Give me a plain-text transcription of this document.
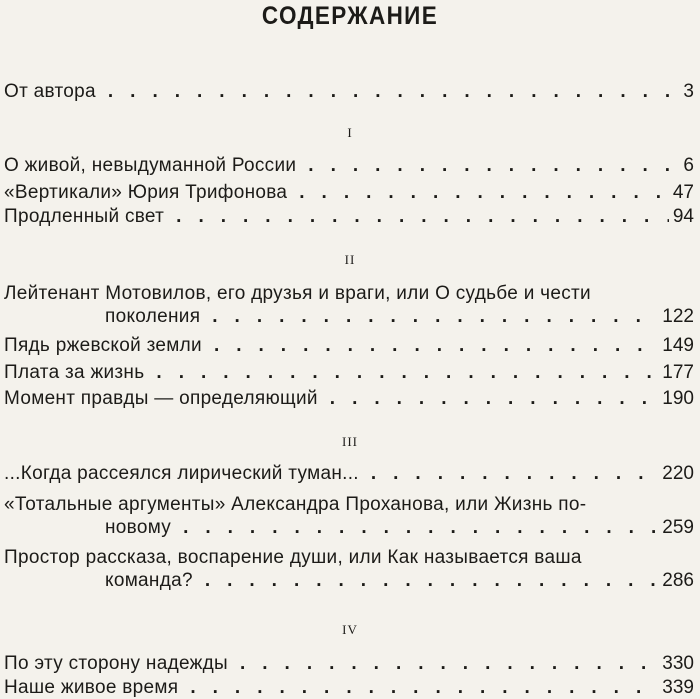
СОДЕРЖАНИЕ
От автора .....	3
I
О живой, невыдуманной России .....	6
«Вертикали» Юрия Трифонова .....	47
Продленный свет .....	94
II
Лейтенант Мотовилов, его друзья и враги, или О судьбе и чести
поколения .....	122
Пядь ржевской земли .....	149
Плата за жизнь .....	177
Момент правды — определяющий .....	190
III
...Когда рассеялся лирический туман... .....	220
«Тотальные аргументы» Александра Проханова, или Жизнь по-
новому .....	259
Простор рассказа, воспарение души, или Как называется ваша
команда? .....	286
IV
По эту сторону надежды .....	330
Наше живое время .....	339
